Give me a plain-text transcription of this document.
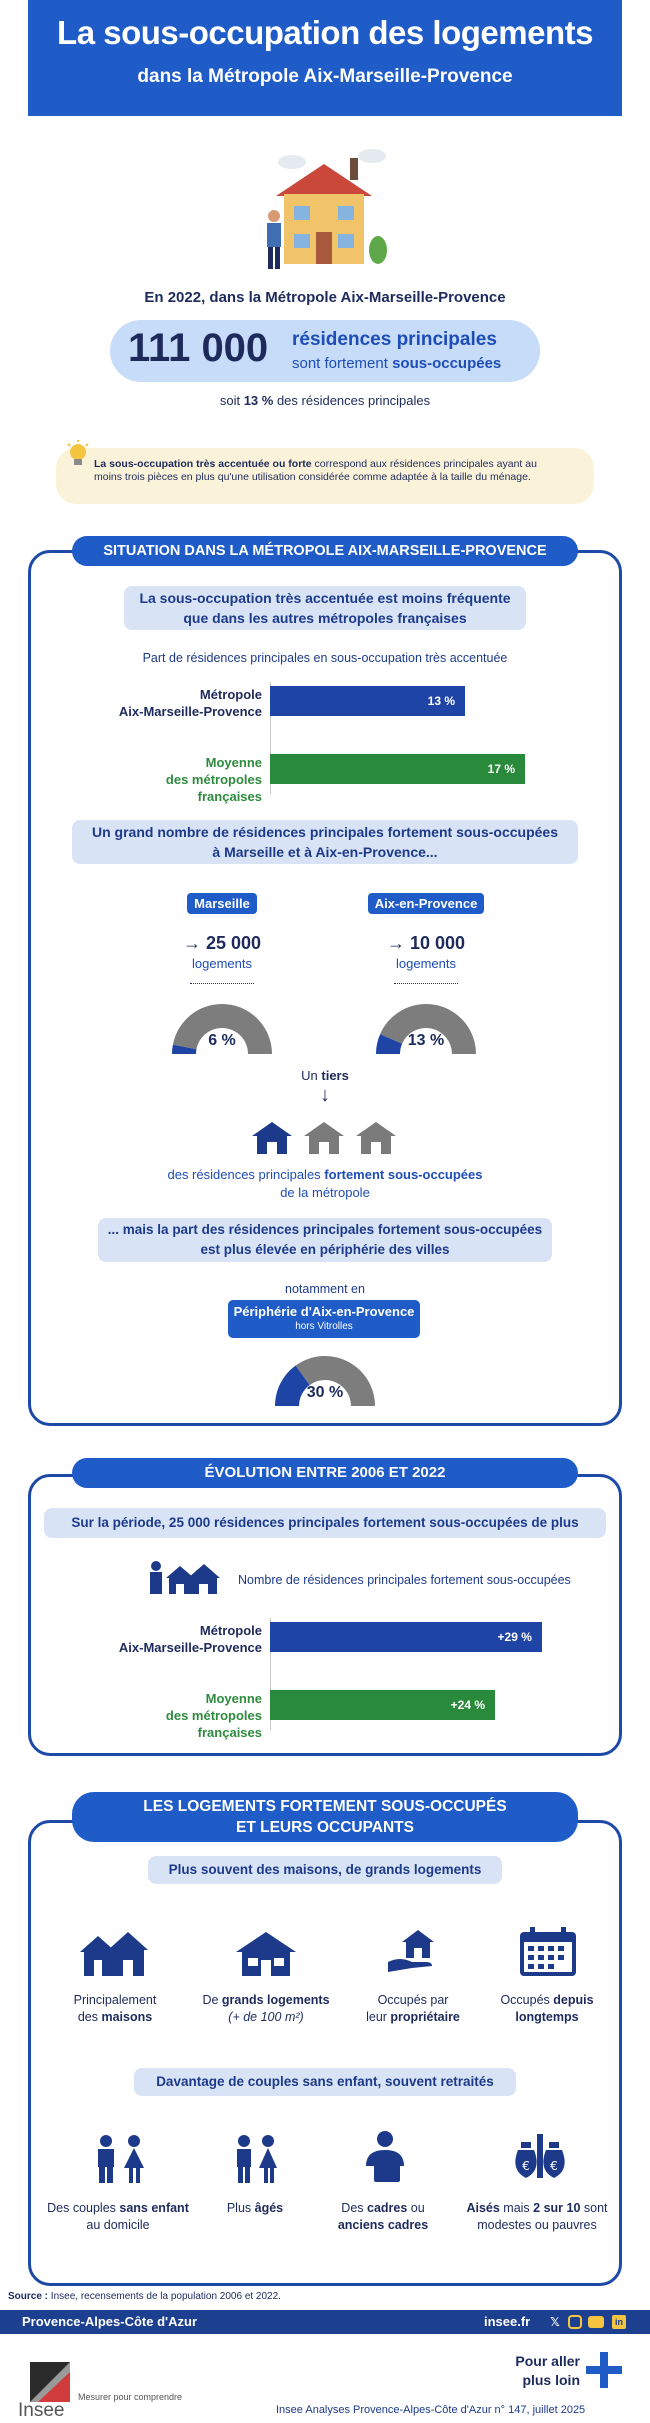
La sous-occupation des logements
dans la Métropole Aix-Marseille-Provence
En 2022, dans la Métropole Aix-Marseille-Provence
111 000 résidences principales
sont fortement sous-occupées
soit 13 % des résidences principales
La sous-occupation très accentuée ou forte correspond aux résidences principales ayant au moins trois pièces en plus qu'une utilisation considérée comme adaptée à la taille du ménage.
SITUATION DANS LA MÉTROPOLE AIX-MARSEILLE-PROVENCE
La sous-occupation très accentuée est moins fréquente
que dans les autres métropoles françaises
Part de résidences principales en sous-occupation très accentuée
Métropole
Aix-Marseille-Provence
13 %
Moyenne
des métropoles françaises
17 %
Un grand nombre de résidences principales fortement sous-occupées
à Marseille et à Aix-en-Provence...
Marseille
→ 25 000
logements
6 %
Aix-en-Provence
→ 10 000
logements
13 %
Un tiers
↓
des résidences principales fortement sous-occupées
de la métropole
... mais la part des résidences principales fortement sous-occupées
est plus élevée en périphérie des villes
notamment en
Périphérie d'Aix-en-Provence
hors Vitrolles
30 %
ÉVOLUTION ENTRE 2006 ET 2022
Sur la période, 25 000 résidences principales fortement sous-occupées de plus
Nombre de résidences principales fortement sous-occupées
Métropole
Aix-Marseille-Provence
+29 %
Moyenne
des métropoles françaises
+24 %
LES LOGEMENTS FORTEMENT SOUS-OCCUPÉS
ET LEURS OCCUPANTS
Plus souvent des maisons, de grands logements
Principalement
des maisons
De grands logements
(+ de 100 m²)
Occupés par
leur propriétaire
Occupés depuis
longtemps
Davantage de couples sans enfant, souvent retraités
€ €
Des couples sans enfant
au domicile
Plus âgés	Des cadres ou
anciens cadres
Aisés mais 2 sur 10 sont
modestes ou pauvres
Source : Insee, recensements de la population 2006 et 2022.
Provence-Alpes-Côte d'Azur	insee.fr 𝕏	in
Pour aller
plus loin
Insee
Mesurer pour comprendre
Insee Analyses Provence-Alpes-Côte d'Azur n° 147, juillet 2025
